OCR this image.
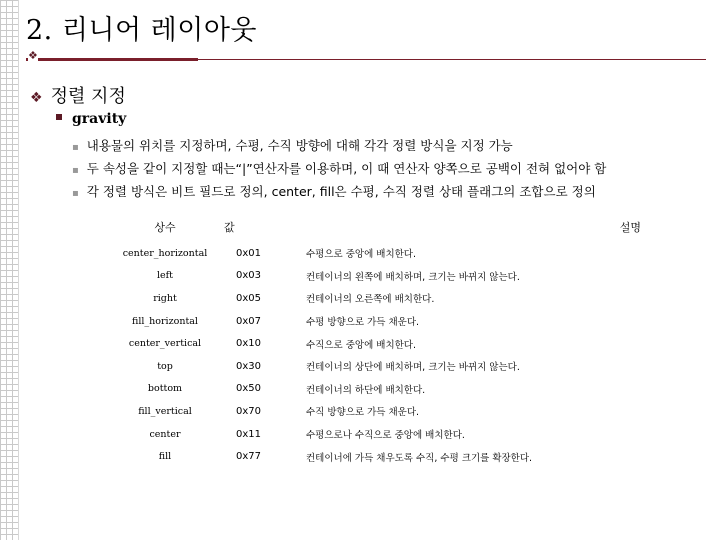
2. 리니어 레이아웃
❖
❖ 정렬 지정
gravity
▪ 내용물의 위치를 지정하며, 수평, 수직 방향에 대해 각각 정렬 방식을 지정 가능
▪ 두 속성을 같이 지정할 때는“|”연산자를 이용하며, 이 때 연산자 양쪽으로 공백이 전혀 없어야 함
▪ 각 정렬 방식은 비트 필드로 정의, center, fill은 수평, 수직 정렬 상태 플래그의 조합으로 정의
상수	값	설명
center_horizontal	0x01	수평으로 중앙에 배치한다.
left	0x03	컨테이너의 왼쪽에 배치하며, 크기는 바뀌지 않는다.
right	0x05	컨테이너의 오른쪽에 배치한다.
fill_horizontal	0x07	수평 방향으로 가득 채운다.
center_vertical	0x10	수직으로 중앙에 배치한다.
top	0x30	컨테이너의 상단에 배치하며, 크기는 바뀌지 않는다.
bottom	0x50	컨테이너의 하단에 배치한다.
fill_vertical	0x70	수직 방향으로 가득 채운다.
center	0x11	수평으로나 수직으로 중앙에 배치한다.
fill	0x77	컨테이너에 가득 채우도록 수직, 수평 크기를 확장한다.
